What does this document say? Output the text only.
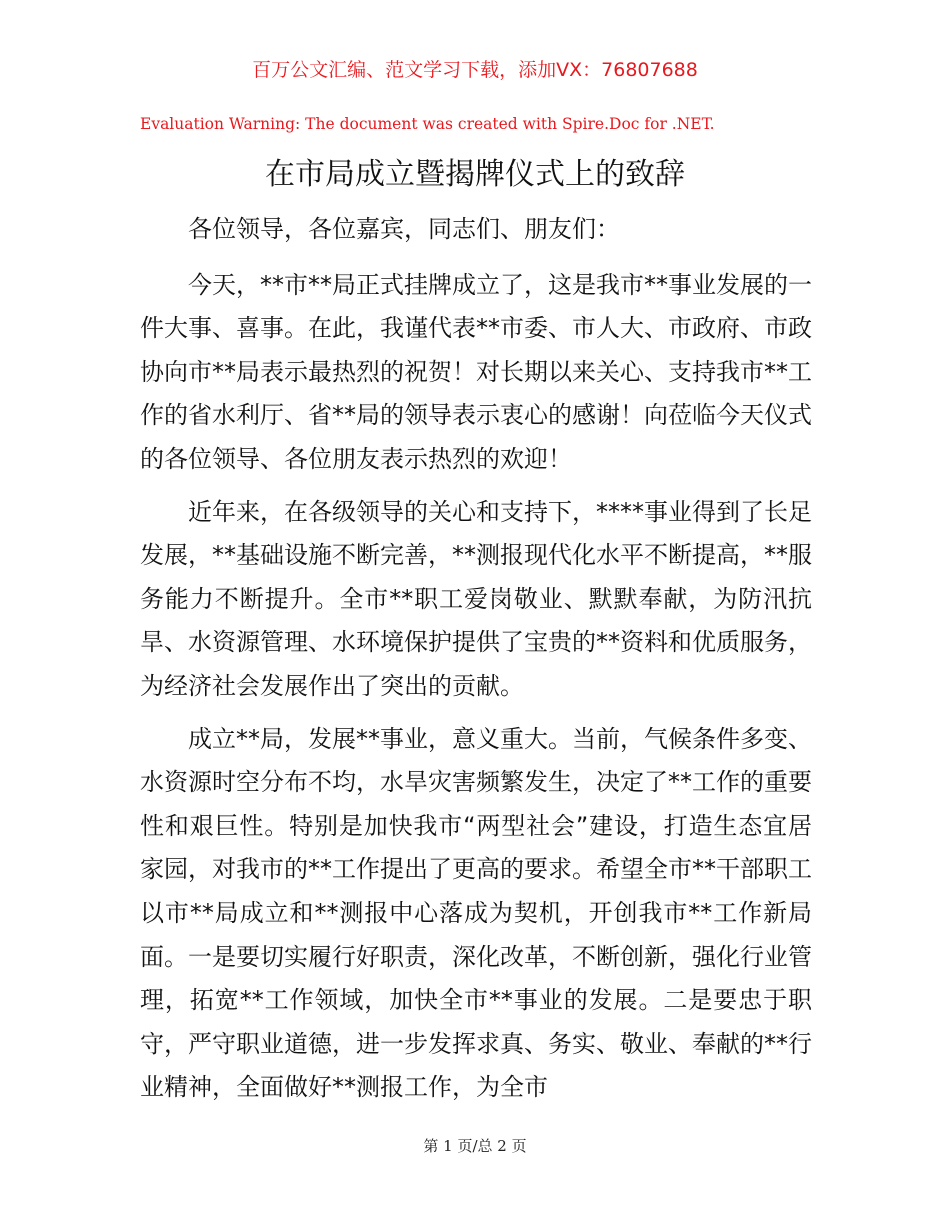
百万公文汇编、范文学习下载，添加VX：76807688
Evaluation Warning: The document was created with Spire.Doc for .NET.
在市局成立暨揭牌仪式上的致辞

各位领导，各位嘉宾，同志们、朋友们：

今天，**市**局正式挂牌成立了，这是我市**事业发展的一件大事、喜事。在此，我谨代表**市委、市人大、市政府、市政协向市**局表示最热烈的祝贺！对长期以来关心、支持我市**工作的省水利厅、省**局的领导表示衷心的感谢！向莅临今天仪式的各位领导、各位朋友表示热烈的欢迎！

近年来，在各级领导的关心和支持下，****事业得到了长足发展，**基础设施不断完善，**测报现代化水平不断提高，**服务能力不断提升。全市**职工爱岗敬业、默默奉献，为防汛抗旱、水资源管理、水环境保护提供了宝贵的**资料和优质服务，为经济社会发展作出了突出的贡献。

成立**局，发展**事业，意义重大。当前，气候条件多变、水资源时空分布不均，水旱灾害频繁发生，决定了**工作的重要性和艰巨性。特别是加快我市“两型社会”建设，打造生态宜居家园，对我市的**工作提出了更高的要求。希望全市**干部职工以市**局成立和**测报中心落成为契机，开创我市**工作新局面。一是要切实履行好职责，深化改革，不断创新，强化行业管理，拓宽**工作领域，加快全市**事业的发展。二是要忠于职守，严守职业道德，进一步发挥求真、务实、敬业、奉献的**行业精神，全面做好**测报工作，为全市

第 1 页/总 2 页
